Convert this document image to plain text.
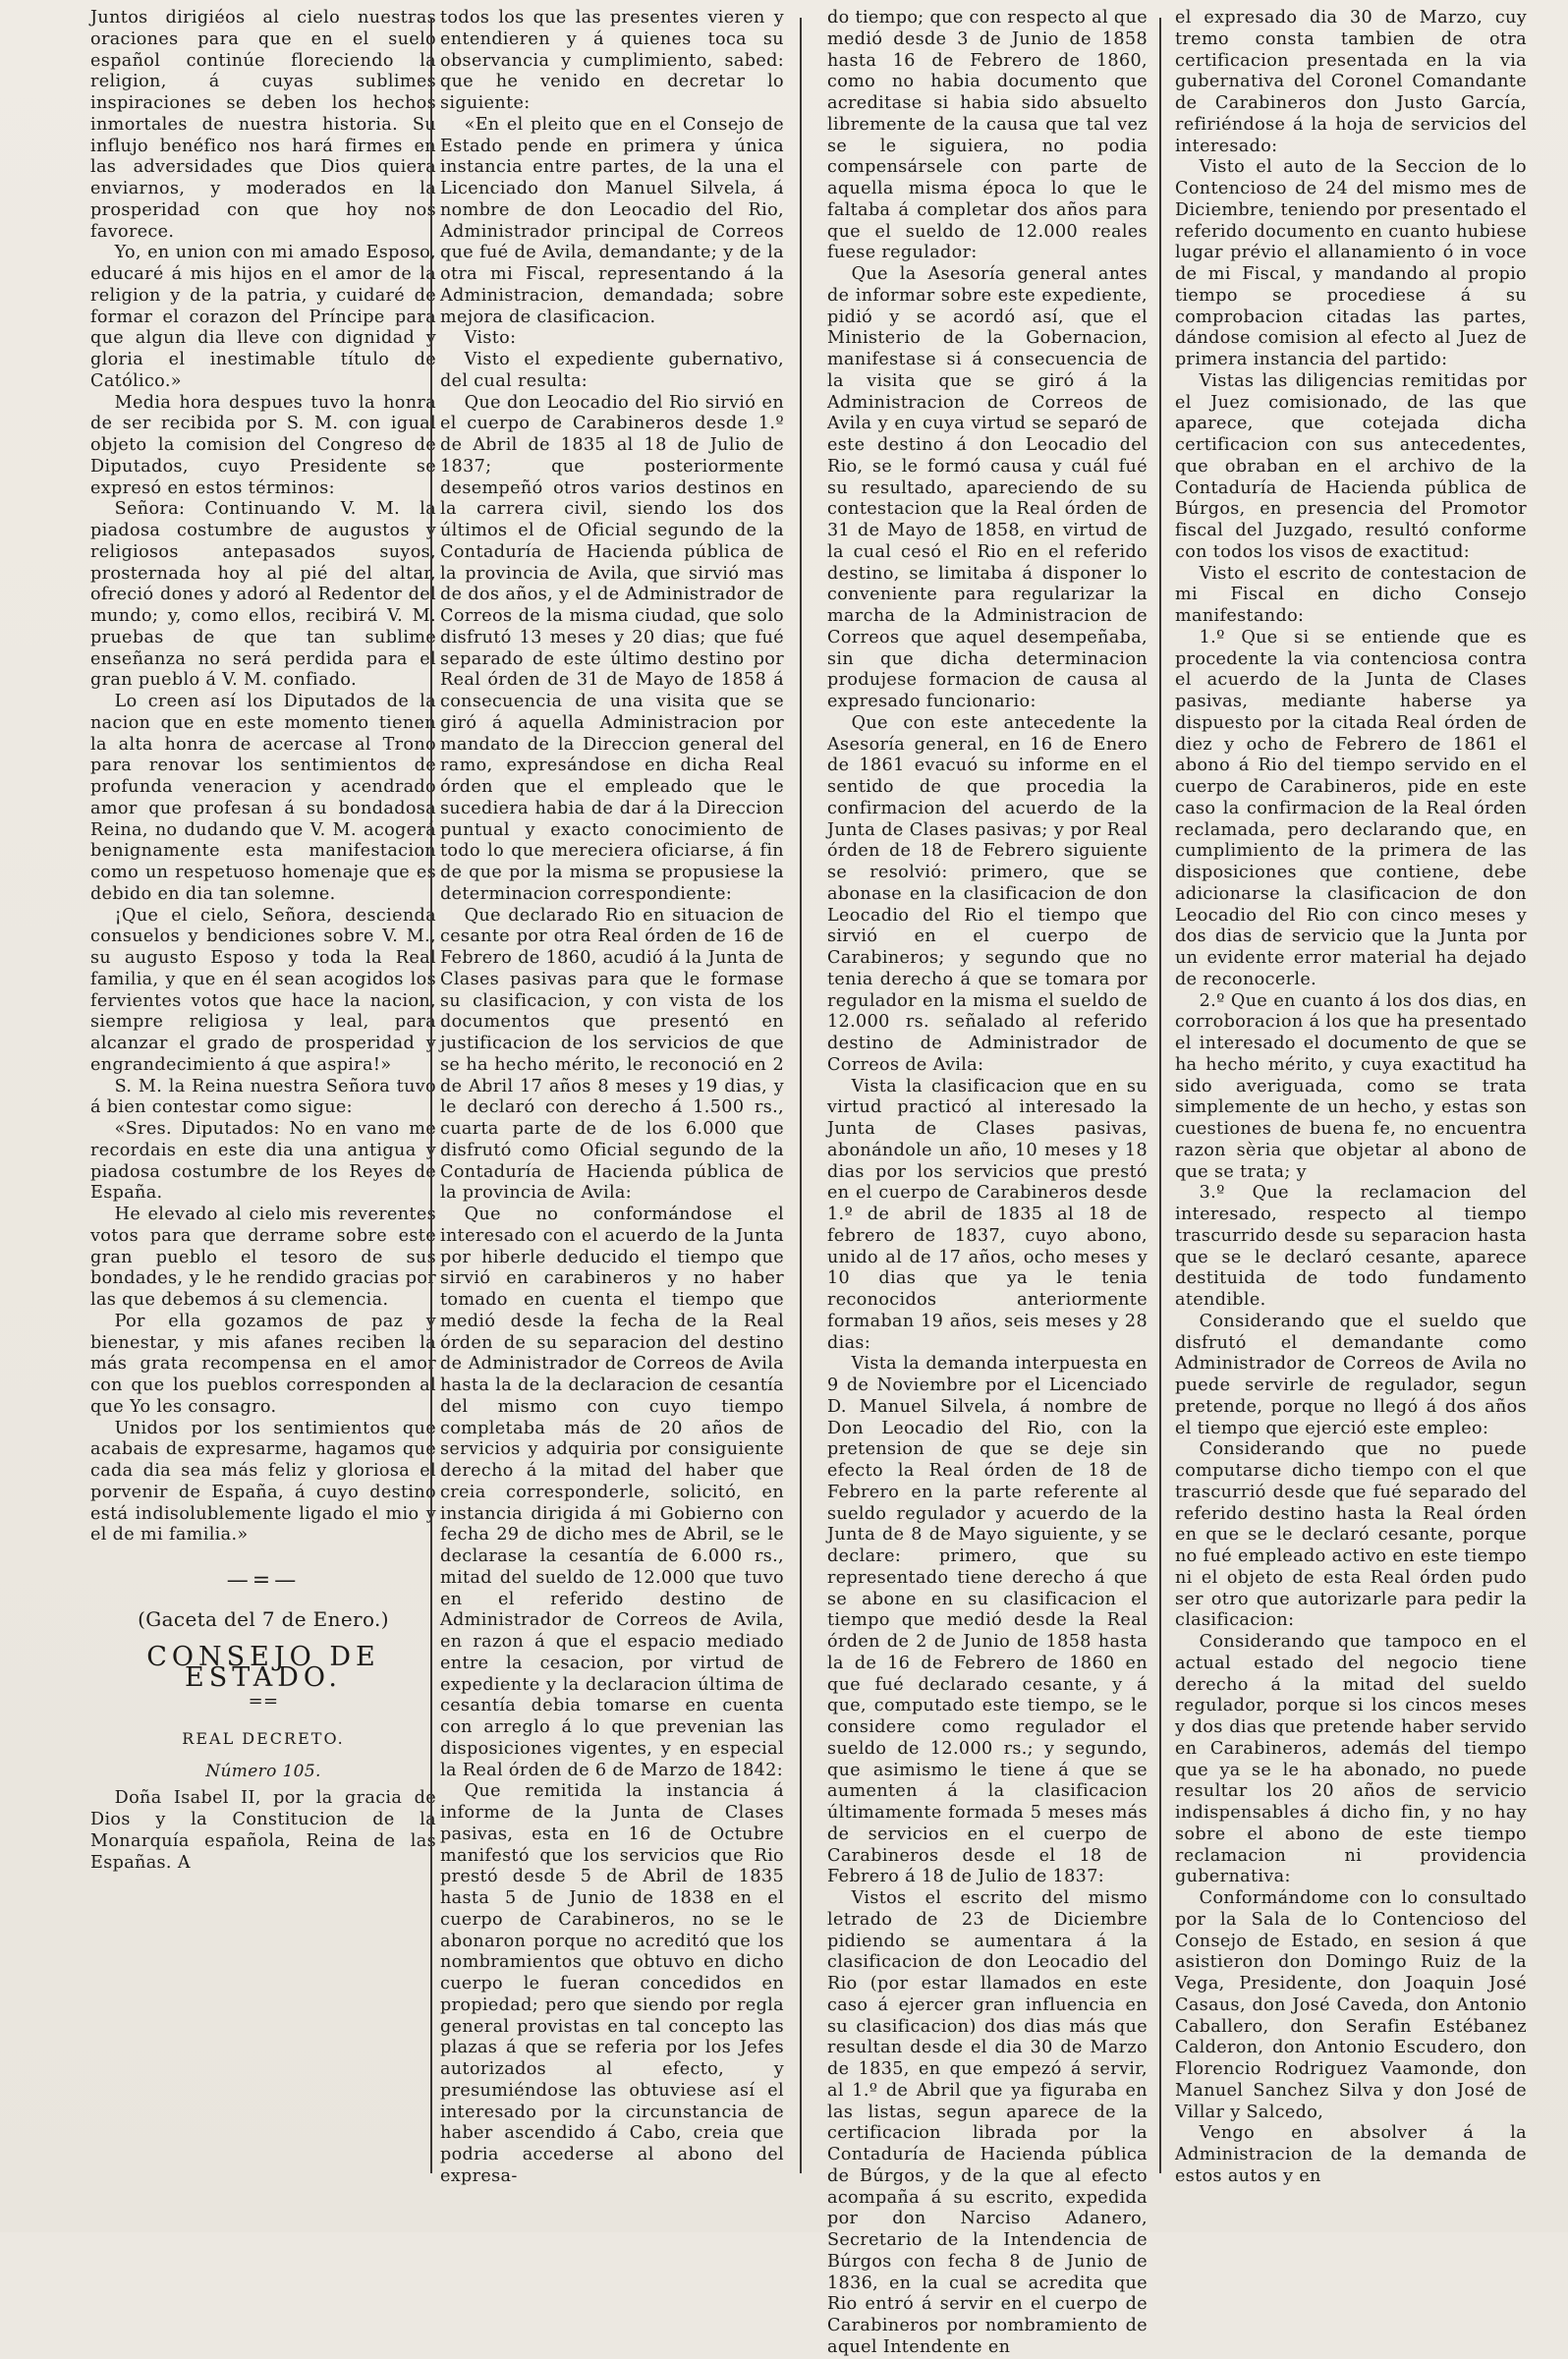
Juntos dirigiéos al cielo nuestras oraciones para que en el suelo español continúe floreciendo la religion, á cuyas sublimes inspiraciones se deben los hechos inmortales de nuestra historia. Su influjo benéfico nos hará firmes en las adversidades que Dios quiera enviarnos, y moderados en la prosperidad con que hoy nos favorece.

Yo, en union con mi amado Esposo, educaré á mis hijos en el amor de la religion y de la patria, y cuidaré de formar el corazon del Príncipe para que algun dia lleve con dignidad y gloria el inestimable título de Católico.»

Media hora despues tuvo la honra de ser recibida por S. M. con igual objeto la comision del Congreso de Diputados, cuyo Presidente se expresó en estos términos:

Señora: Continuando V. M. la piadosa costumbre de augustos y religiosos antepasados suyos, prosternada hoy al pié del altar, ofreció dones y adoró al Redentor del mundo; y, como ellos, recibirá V. M. pruebas de que tan sublime enseñanza no será perdida para el gran pueblo á V. M. confiado.

Lo creen así los Diputados de la nacion que en este momento tienen la alta honra de acercase al Trono para renovar los sentimientos de profunda veneracion y acendrado amor que profesan á su bondadosa Reina, no dudando que V. M. acogerá benignamente esta manifestacion como un respetuoso homenaje que es debido en dia tan solemne.

¡Que el cielo, Señora, descienda consuelos y bendiciones sobre V. M., su augusto Esposo y toda la Real familia, y que en él sean acogidos los fervientes votos que hace la nacion, siempre religiosa y leal, para alcanzar el grado de prosperidad y engrandecimiento á que aspira!»

S. M. la Reina nuestra Señora tuvo á bien contestar como sigue:

«Sres. Diputados: No en vano me recordais en este dia una antigua y piadosa costumbre de los Reyes de España.

He elevado al cielo mis reverentes votos para que derrame sobre este gran pueblo el tesoro de sus bondades, y le he rendido gracias por las que debemos á su clemencia.

Por ella gozamos de paz y bienestar, y mis afanes reciben la más grata recompensa en el amor con que los pueblos corresponden al que Yo les consagro.

Unidos por los sentimientos que acabais de expresarme, hagamos que cada dia sea más feliz y gloriosa el porvenir de España, á cuyo destino está indisolublemente ligado el mio y el de mi familia.»

—=—
(Gaceta del 7 de Enero.)
CONSEJO DE ESTADO.
==
REAL DECRETO.
Número 105.

Doña Isabel II, por la gracia de Dios y la Constitucion de la Monarquía española, Reina de las Españas. A

todos los que las presentes vieren y entendieren y á quienes toca su observancia y cumplimiento, sabed: que he venido en decretar lo siguiente:

«En el pleito que en el Consejo de Estado pende en primera y única instancia entre partes, de la una el Licenciado don Manuel Silvela, á nombre de don Leocadio del Rio, Administrador principal de Correos que fué de Avila, demandante; y de la otra mi Fiscal, representando á la Administracion, demandada; sobre mejora de clasificacion.

Visto:

Visto el expediente gubernativo, del cual resulta:

Que don Leocadio del Rio sirvió en el cuerpo de Carabineros desde 1.º de Abril de 1835 al 18 de Julio de 1837; que posteriormente desempeñó otros varios destinos en la carrera civil, siendo los dos últimos el de Oficial segundo de la Contaduría de Hacienda pública de la provincia de Avila, que sirvió mas de dos años, y el de Administrador de Correos de la misma ciudad, que solo disfrutó 13 meses y 20 dias; que fué separado de este último destino por Real órden de 31 de Mayo de 1858 á consecuencia de una visita que se giró á aquella Administracion por mandato de la Direccion general del ramo, expresándose en dicha Real órden que el empleado que le sucediera habia de dar á la Direccion puntual y exacto conocimiento de todo lo que mereciera oficiarse, á fin de que por la misma se propusiese la determinacion correspondiente:

Que declarado Rio en situacion de cesante por otra Real órden de 16 de Febrero de 1860, acudió á la Junta de Clases pasivas para que le formase su clasificacion, y con vista de los documentos que presentó en justificacion de los servicios de que se ha hecho mérito, le reconoció en 2 de Abril 17 años 8 meses y 19 dias, y le declaró con derecho á 1.500 rs., cuarta parte de de los 6.000 que disfrutó como Oficial segundo de la Contaduría de Hacienda pública de la provincia de Avila:

Que no conformándose el interesado con el acuerdo de la Junta por hiberle deducido el tiempo que sirvió en carabineros y no haber tomado en cuenta el tiempo que medió desde la fecha de la Real órden de su separacion del destino de Administrador de Correos de Avila hasta la de la declaracion de cesantía del mismo con cuyo tiempo completaba más de 20 años de servicios y adquiria por consiguiente derecho á la mitad del haber que creia corresponderle, solicitó, en instancia dirigida á mi Gobierno con fecha 29 de dicho mes de Abril, se le declarase la cesantía de 6.000 rs., mitad del sueldo de 12.000 que tuvo en el referido destino de Administrador de Correos de Avila, en razon á que el espacio mediado entre la cesacion, por virtud de expediente y la declaracion última de cesantía debia tomarse en cuenta con arreglo á lo que prevenian las disposiciones vigentes, y en especial la Real órden de 6 de Marzo de 1842:

Que remitida la instancia á informe de la Junta de Clases pasivas, esta en 16 de Octubre manifestó que los servicios que Rio prestó desde 5 de Abril de 1835 hasta 5 de Junio de 1838 en el cuerpo de Carabineros, no se le abonaron porque no acreditó que los nombramientos que obtuvo en dicho cuerpo le fueran concedidos en propiedad; pero que siendo por regla general provistas en tal concepto las plazas á que se referia por los Jefes autorizados al efecto, y presumiéndose las obtuviese así el interesado por la circunstancia de haber ascendido á Cabo, creia que podria accederse al abono del expresa-

do tiempo; que con respecto al que medió desde 3 de Junio de 1858 hasta 16 de Febrero de 1860, como no habia documento que acreditase si habia sido absuelto libremente de la causa que tal vez se le siguiera, no podia compensársele con parte de aquella misma época lo que le faltaba á completar dos años para que el sueldo de 12.000 reales fuese regulador:

Que la Asesoría general antes de informar sobre este expediente, pidió y se acordó así, que el Ministerio de la Gobernacion, manifestase si á consecuencia de la visita que se giró á la Administracion de Correos de Avila y en cuya virtud se separó de este destino á don Leocadio del Rio, se le formó causa y cuál fué su resultado, apareciendo de su contestacion que la Real órden de 31 de Mayo de 1858, en virtud de la cual cesó el Rio en el referido destino, se limitaba á disponer lo conveniente para regularizar la marcha de la Administracion de Correos que aquel desempeñaba, sin que dicha determinacion produjese formacion de causa al expresado funcionario:

Que con este antecedente la Asesoría general, en 16 de Enero de 1861 evacuó su informe en el sentido de que procedia la confirmacion del acuerdo de la Junta de Clases pasivas; y por Real órden de 18 de Febrero siguiente se resolvió: primero, que se abonase en la clasificacion de don Leocadio del Rio el tiempo que sirvió en el cuerpo de Carabineros; y segundo que no tenia derecho á que se tomara por regulador en la misma el sueldo de 12.000 rs. señalado al referido destino de Administrador de Correos de Avila:

Vista la clasificacion que en su virtud practicó al interesado la Junta de Clases pasivas, abonándole un año, 10 meses y 18 dias por los servicios que prestó en el cuerpo de Carabineros desde 1.º de abril de 1835 al 18 de febrero de 1837, cuyo abono, unido al de 17 años, ocho meses y 10 dias que ya le tenia reconocidos anteriormente formaban 19 años, seis meses y 28 dias:

Vista la demanda interpuesta en 9 de Noviembre por el Licenciado D. Manuel Silvela, á nombre de Don Leocadio del Rio, con la pretension de que se deje sin efecto la Real órden de 18 de Febrero en la parte referente al sueldo regulador y acuerdo de la Junta de 8 de Mayo siguiente, y se declare: primero, que su representado tiene derecho á que se abone en su clasificacion el tiempo que medió desde la Real órden de 2 de Junio de 1858 hasta la de 16 de Febrero de 1860 en que fué declarado cesante, y á que, computado este tiempo, se le considere como regulador el sueldo de 12.000 rs.; y segundo, que asimismo le tiene á que se aumenten á la clasificacion últimamente formada 5 meses más de servicios en el cuerpo de Carabineros desde el 18 de Febrero á 18 de Julio de 1837:

Vistos el escrito del mismo letrado de 23 de Diciembre pidiendo se aumentara á la clasificacion de don Leocadio del Rio (por estar llamados en este caso á ejercer gran influencia en su clasificacion) dos dias más que resultan desde el dia 30 de Marzo de 1835, en que empezó á servir, al 1.º de Abril que ya figuraba en las listas, segun aparece de la certificacion librada por la Contaduría de Hacienda pública de Búrgos, y de la que al efecto acompaña á su escrito, expedida por don Narciso Adanero, Secretario de la Intendencia de Búrgos con fecha 8 de Junio de 1836, en la cual se acredita que Rio entró á servir en el cuerpo de Carabineros por nombramiento de aquel Intendente en

el expresado dia 30 de Marzo, cuy tremo consta tambien de otra certificacion presentada en la via gubernativa del Coronel Comandante de Carabineros don Justo García, refiriéndose á la hoja de servicios del interesado:

Visto el auto de la Seccion de lo Contencioso de 24 del mismo mes de Diciembre, teniendo por presentado el referido documento en cuanto hubiese lugar prévio el allanamiento ó in voce de mi Fiscal, y mandando al propio tiempo se procediese á su comprobacion citadas las partes, dándose comision al efecto al Juez de primera instancia del partido:

Vistas las diligencias remitidas por el Juez comisionado, de las que aparece, que cotejada dicha certificacion con sus antecedentes, que obraban en el archivo de la Contaduría de Hacienda pública de Búrgos, en presencia del Promotor fiscal del Juzgado, resultó conforme con todos los visos de exactitud:

Visto el escrito de contestacion de mi Fiscal en dicho Consejo manifestando:

1.º Que si se entiende que es procedente la via contenciosa contra el acuerdo de la Junta de Clases pasivas, mediante haberse ya dispuesto por la citada Real órden de diez y ocho de Febrero de 1861 el abono á Rio del tiempo servido en el cuerpo de Carabineros, pide en este caso la confirmacion de la Real órden reclamada, pero declarando que, en cumplimiento de la primera de las disposiciones que contiene, debe adicionarse la clasificacion de don Leocadio del Rio con cinco meses y dos dias de servicio que la Junta por un evidente error material ha dejado de reconocerle.

2.º Que en cuanto á los dos dias, en corroboracion á los que ha presentado el interesado el documento de que se ha hecho mérito, y cuya exactitud ha sido averiguada, como se trata simplemente de un hecho, y estas son cuestiones de buena fe, no encuentra razon sèria que objetar al abono de que se trata; y

3.º Que la reclamacion del interesado, respecto al tiempo trascurrido desde su separacion hasta que se le declaró cesante, aparece destituida de todo fundamento atendible.

Considerando que el sueldo que disfrutó el demandante como Administrador de Correos de Avila no puede servirle de regulador, segun pretende, porque no llegó á dos años el tiempo que ejerció este empleo:

Considerando que no puede computarse dicho tiempo con el que trascurrió desde que fué separado del referido destino hasta la Real órden en que se le declaró cesante, porque no fué empleado activo en este tiempo ni el objeto de esta Real órden pudo ser otro que autorizarle para pedir la clasificacion:

Considerando que tampoco en el actual estado del negocio tiene derecho á la mitad del sueldo regulador, porque si los cincos meses y dos dias que pretende haber servido en Carabineros, además del tiempo que ya se le ha abonado, no puede resultar los 20 años de servicio indispensables á dicho fin, y no hay sobre el abono de este tiempo reclamacion ni providencia gubernativa:

Conformándome con lo consultado por la Sala de lo Contencioso del Consejo de Estado, en sesion á que asistieron don Domingo Ruiz de la Vega, Presidente, don Joaquin José Casaus, don José Caveda, don Antonio Caballero, don Serafin Estébanez Calderon, don Antonio Escudero, don Florencio Rodriguez Vaamonde, don Manuel Sanchez Silva y don José de Villar y Salcedo,

Vengo en absolver á la Administracion de la demanda de estos autos y en
